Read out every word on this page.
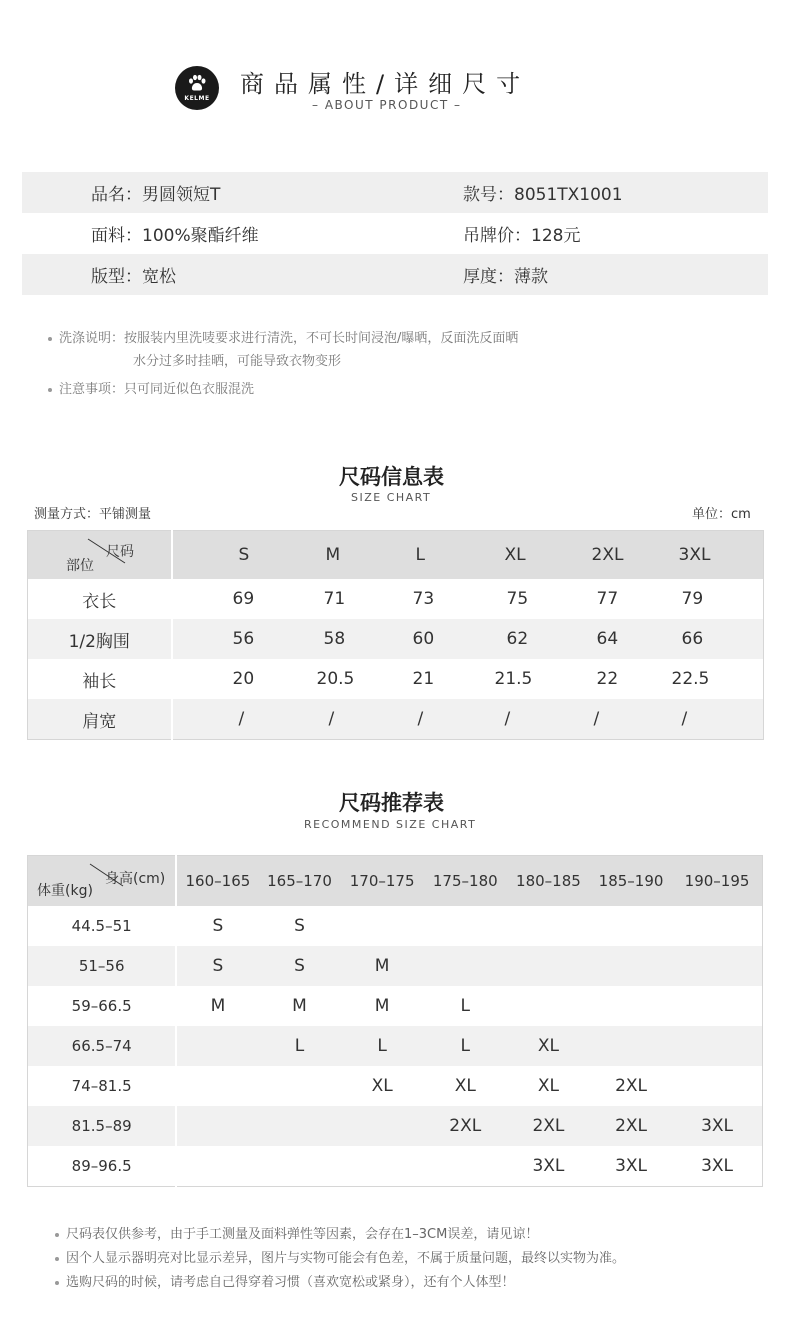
KELME
商品属性/详细尺寸
– ABOUT PRODUCT –
品名：男圆领短T	款号：8051TX1001
面料：100%聚酯纤维	吊牌价：128元
版型：宽松	厚度：薄款
洗涤说明：按服装内里洗唛要求进行清洗，不可长时间浸泡/曝晒，反面洗反面晒
水分过多时挂晒，可能导致衣物变形
注意事项：只可同近似色衣服混洗
尺码信息表
SIZE CHART
测量方式：平铺测量	单位：cm
尺码
部位	S	M	L	XL	2XL	3XL
衣长	69	71	73	75	77	79
1/2胸围	56	58	60	62	64	66
袖长	20	20.5	21	21.5	22	22.5
肩宽	/	/	/	/	/	/
尺码推荐表
RECOMMEND SIZE CHART
身高(cm)
体重(kg)	160–165	165–170	170–175	175–180	180–185	185–190	190–195
44.5–51	S	S					
51–56	S	S	M				
59–66.5	M	M	M	L			
66.5–74		L	L	L	XL		
74–81.5			XL	XL	XL	2XL	
81.5–89				2XL	2XL	2XL	3XL
89–96.5					3XL	3XL	3XL
尺码表仅供参考，由于手工测量及面料弹性等因素，会存在1–3CM误差，请见谅！
因个人显示器明亮对比显示差异，图片与实物可能会有色差，不属于质量问题，最终以实物为准。
选购尺码的时候，请考虑自己得穿着习惯（喜欢宽松或紧身），还有个人体型！
